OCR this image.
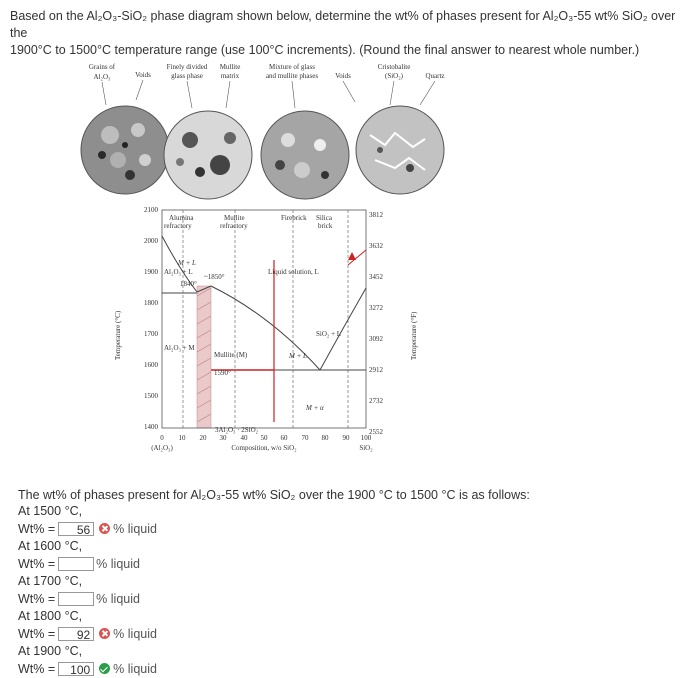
Based on the Al₂O₃-SiO₂ phase diagram shown below, determine the wt% of phases present for Al₂O₃-55 wt% SiO₂ over the
1900°C to 1500°C temperature range (use 100°C increments). (Round the final answer to nearest whole number.)
Grains of
Al₂O₃	Voids
Finely divided
glass phase
Mullite
matrix
Mixture of glass
and mullite phases Voids
Cristobalite
(SiO₂)	Quartz
Alumina
refractory
Mullite
refractory
Firebrick Silica
brick
M + L
Al₂O₃ + L
1840°
~1850°
Liquid solution, L
SiO₂ + L
Al₂O₃ + M
Mullite (M)	M + L
1590°
M + α
3Al₂O₃ · 2SiO₂
2100
2000
1900
1800
1700
1600
1500
1400
Temperature (°C)
3812
3632
3452
3272
3092
2912
2732
2552
Temperature (°F)
0 10 20 30 40 50 60 70 80 90 100
(Al₂O₃)	SiO₂
Composition, w/o SiO₂
The wt% of phases present for Al₂O₃-55 wt% SiO₂ over the 1900 °C to 1500 °C is as follows:
At 1500 °C,
Wt% =	56	% liquid
At 1600 °C,
Wt% =	% liquid
At 1700 °C,
Wt% =	% liquid
At 1800 °C,
Wt% =	92	% liquid
At 1900 °C,
Wt% =	100	% liquid
